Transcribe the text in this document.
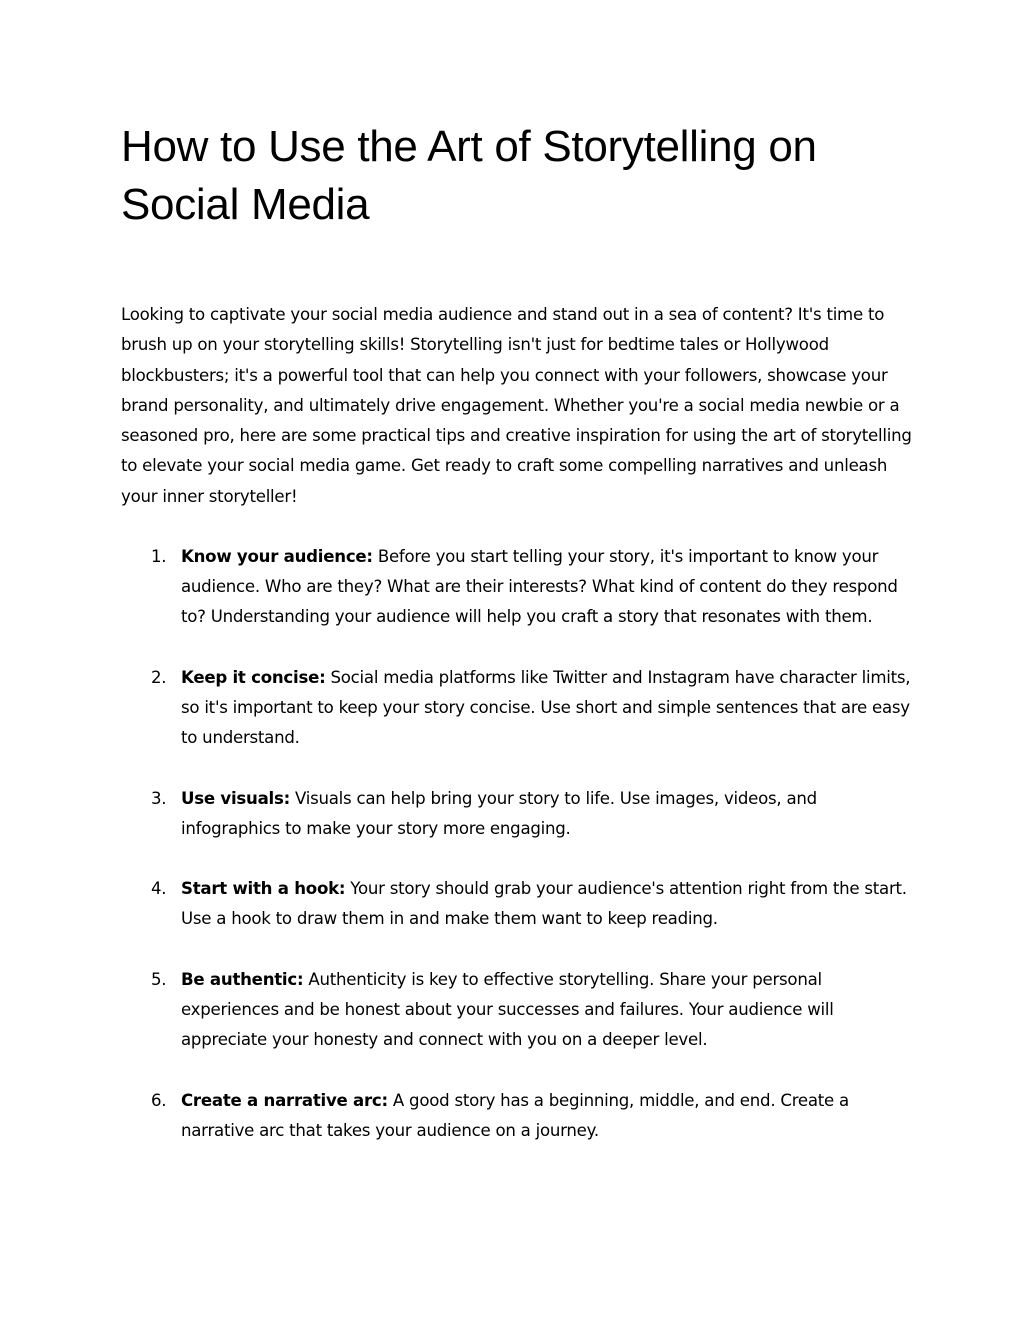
How to Use the Art of Storytelling on Social Media

Looking to captivate your social media audience and stand out in a sea of content? It's time to brush up on your storytelling skills! Storytelling isn't just for bedtime tales or Hollywood blockbusters; it's a powerful tool that can help you connect with your followers, showcase your brand personality, and ultimately drive engagement. Whether you're a social media newbie or a seasoned pro, here are some practical tips and creative inspiration for using the art of storytelling to elevate your social media game. Get ready to craft some compelling narratives and unleash your inner storyteller!

1. Know your audience: Before you start telling your story, it's important to know your audience. Who are they? What are their interests? What kind of content do they respond to? Understanding your audience will help you craft a story that resonates with them.
2. Keep it concise: Social media platforms like Twitter and Instagram have character limits, so it's important to keep your story concise. Use short and simple sentences that are easy to understand.
3. Use visuals: Visuals can help bring your story to life. Use images, videos, and infographics to make your story more engaging.
4. Start with a hook: Your story should grab your audience's attention right from the start. Use a hook to draw them in and make them want to keep reading.
5. Be authentic: Authenticity is key to effective storytelling. Share your personal experiences and be honest about your successes and failures. Your audience will appreciate your honesty and connect with you on a deeper level.
6. Create a narrative arc: A good story has a beginning, middle, and end. Create a narrative arc that takes your audience on a journey.
